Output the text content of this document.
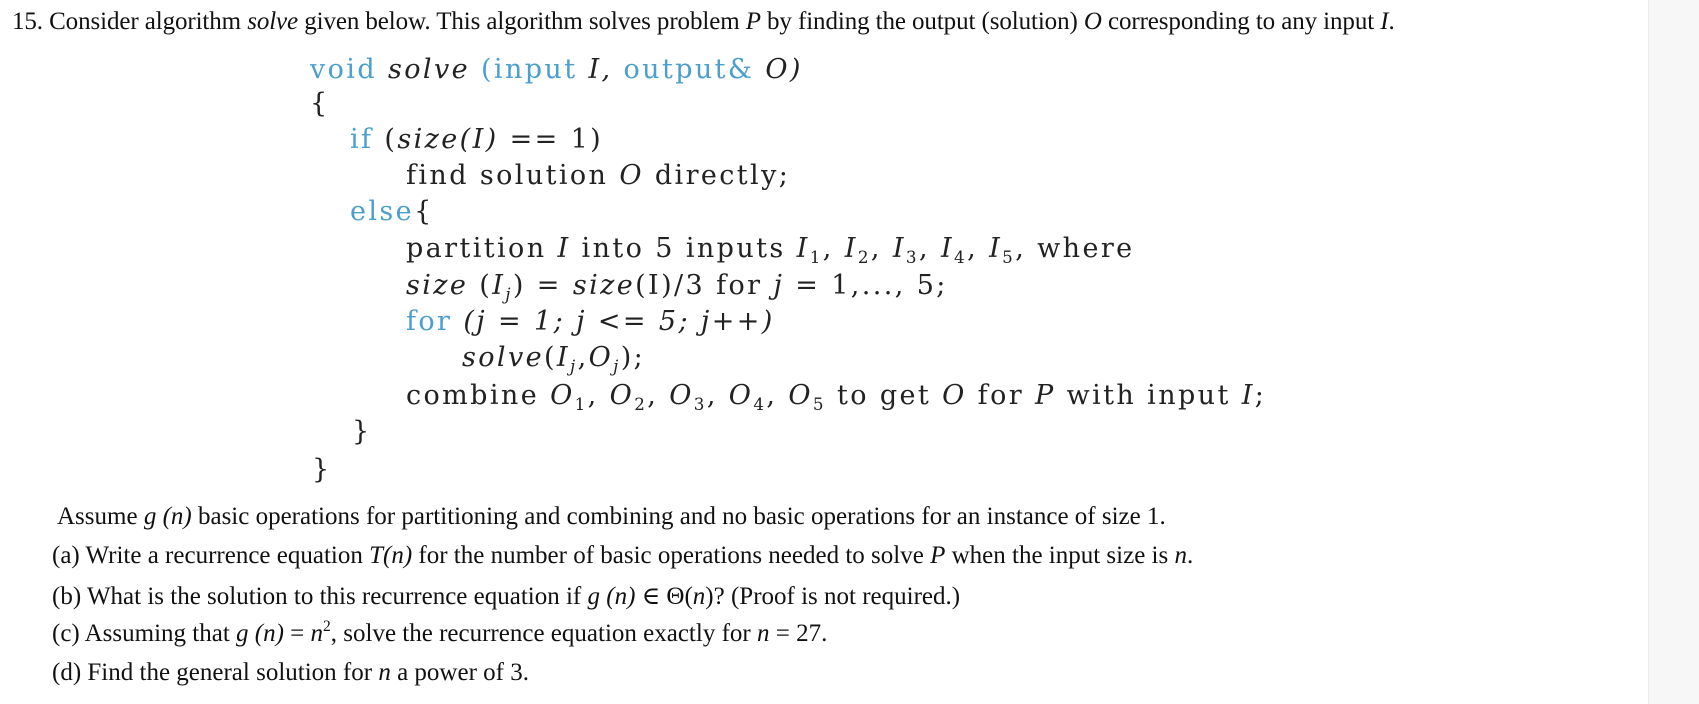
15. Consider algorithm solve given below. This algorithm solves problem P by finding the output (solution) O corresponding to any input I.
void solve (input I, output& O)
{
if (size(I) == 1)
find solution O directly;
else{
partition I into 5 inputs $I_1$, $I_2$, $I_3$, $I_4$, $I_5$, where
size $(I_j)$ = size(I)/3 for j = 1,..., 5;
for (j = 1; j <= 5; j++)
$solve(I_j,O_j)$;
combine $O_1$, $O_2$, $O_3$, $O_4$, $O_5$ to get O for P with input I;
}
}
Assume g (n) basic operations for partitioning and combining and no basic operations for an instance of size 1.
(a) Write a recurrence equation T(n) for the number of basic operations needed to solve P when the input size is n.
(b) What is the solution to this recurrence equation if g (n) ∈ Θ(n)? (Proof is not required.)
(c) Assuming that g $(n) = n^2$, solve the recurrence equation exactly for n = 27.
(d) Find the general solution for n a power of 3.
